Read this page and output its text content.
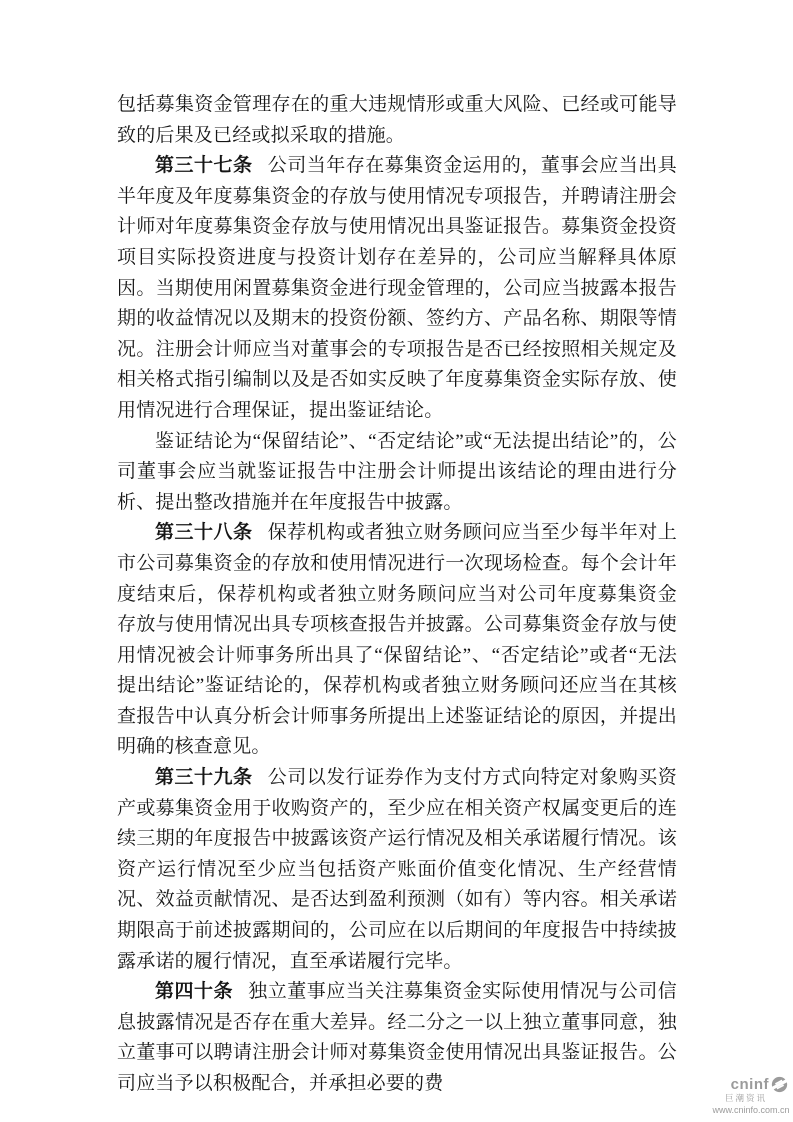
包括募集资金管理存在的重大违规情形或重大风险、已经或可能导致的后果及已经或拟采取的措施。

第三十七条 公司当年存在募集资金运用的，董事会应当出具半年度及年度募集资金的存放与使用情况专项报告，并聘请注册会计师对年度募集资金存放与使用情况出具鉴证报告。募集资金投资项目实际投资进度与投资计划存在差异的，公司应当解释具体原因。当期使用闲置募集资金进行现金管理的，公司应当披露本报告期的收益情况以及期末的投资份额、签约方、产品名称、期限等情况。注册会计师应当对董事会的专项报告是否已经按照相关规定及相关格式指引编制以及是否如实反映了年度募集资金实际存放、使用情况进行合理保证，提出鉴证结论。

鉴证结论为“保留结论”、“否定结论”或“无法提出结论”的，公司董事会应当就鉴证报告中注册会计师提出该结论的理由进行分析、提出整改措施并在年度报告中披露。

第三十八条 保荐机构或者独立财务顾问应当至少每半年对上市公司募集资金的存放和使用情况进行一次现场检查。每个会计年度结束后，保荐机构或者独立财务顾问应当对公司年度募集资金 存放与使用情况出具专项核查报告并披露。公司募集资金存放与使用情况被会计师事务所出具了“保留结论”、“否定结论”或者“无法提出结论”鉴证结论的，保荐机构或者独立财务顾问还应当在其核查报告中认真分析会计师事务所提出上述鉴证结论的原因，并提出明确的核查意见。

第三十九条 公司以发行证券作为支付方式向特定对象购买资产或募集资金用于收购资产的，至少应在相关资产权属变更后的连续三期的年度报告中披露该资产运行情况及相关承诺履行情况。该资产运行情况至少应当包括资产账面价值变化情况、生产经营情况、效益贡献情况、是否达到盈利预测（如有）等内容。相关承诺期限高于前述披露期间的，公司应在以后期间的年度报告中持续披露承诺的履行情况，直至承诺履行完毕。

第四十条 独立董事应当关注募集资金实际使用情况与公司信息披露情况是否存在重大差异。经二分之一以上独立董事同意，独立董事可以聘请注册会计师对募集资金使用情况出具鉴证报告。公司应当予以积极配合，并承担必要的费	cninf
巨潮资讯
www.cninfo.com.cn
